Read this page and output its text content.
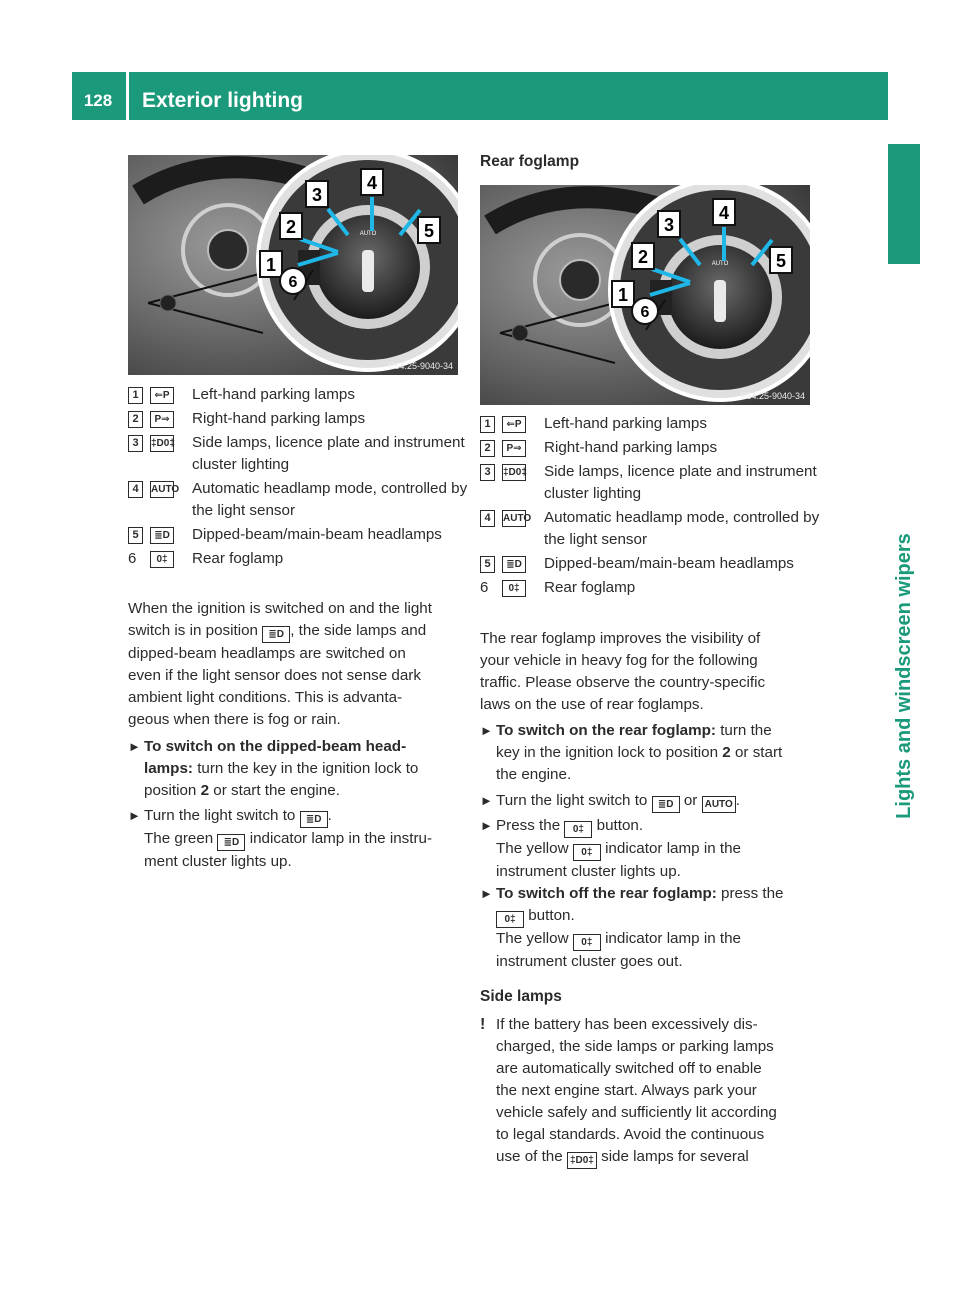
128	Exterior lighting
Lights and windscreen wipers
AUTO
1
2
3
4
5
6
P54.25-9040-34
1	⇐P Left-hand parking lamps
2	P⇒ Right-hand parking lamps
3	‡D0‡ Side lamps, licence plate and instrument cluster lighting
4	AUTO Automatic headlamp mode, controlled by the light sensor
5	≣D Dipped-beam/main-beam headlamps
6	0‡	Rear foglamp
When the ignition is switched on and the light
switch is in position ≣D , the side lamps and
dipped-beam headlamps are switched on
even if the light sensor does not sense dark
ambient light conditions. This is advanta-
geous when there is fog or rain.
► To switch on the dipped-beam head-
lamps: turn the key in the ignition lock to
position 2 or start the engine.
► Turn the light switch to ≣D .
The green ≣D indicator lamp in the instru-
ment cluster lights up.
Rear foglamp
AUTO
1
2
3
4
5
6
P54.25-9040-34
1	⇐P Left-hand parking lamps
2	P⇒ Right-hand parking lamps
3	‡D0‡ Side lamps, licence plate and instrument cluster lighting
4	AUTO Automatic headlamp mode, controlled by the light sensor
5	≣D Dipped-beam/main-beam headlamps
6	0‡	Rear foglamp
The rear foglamp improves the visibility of
your vehicle in heavy fog for the following
traffic. Please observe the country-specific
laws on the use of rear foglamps.
► To switch on the rear foglamp: turn the
key in the ignition lock to position 2 or start
the engine.
► Turn the light switch to ≣D or AUTO .
► Press the 0‡ button.
The yellow 0‡ indicator lamp in the
instrument cluster lights up.
► To switch off the rear foglamp: press the
0‡ button.
The yellow 0‡ indicator lamp in the
instrument cluster goes out.
Side lamps
! If the battery has been excessively dis-
charged, the side lamps or parking lamps
are automatically switched off to enable
the next engine start. Always park your
vehicle safely and sufficiently lit according
to legal standards. Avoid the continuous
use of the ‡D0‡ side lamps for several
